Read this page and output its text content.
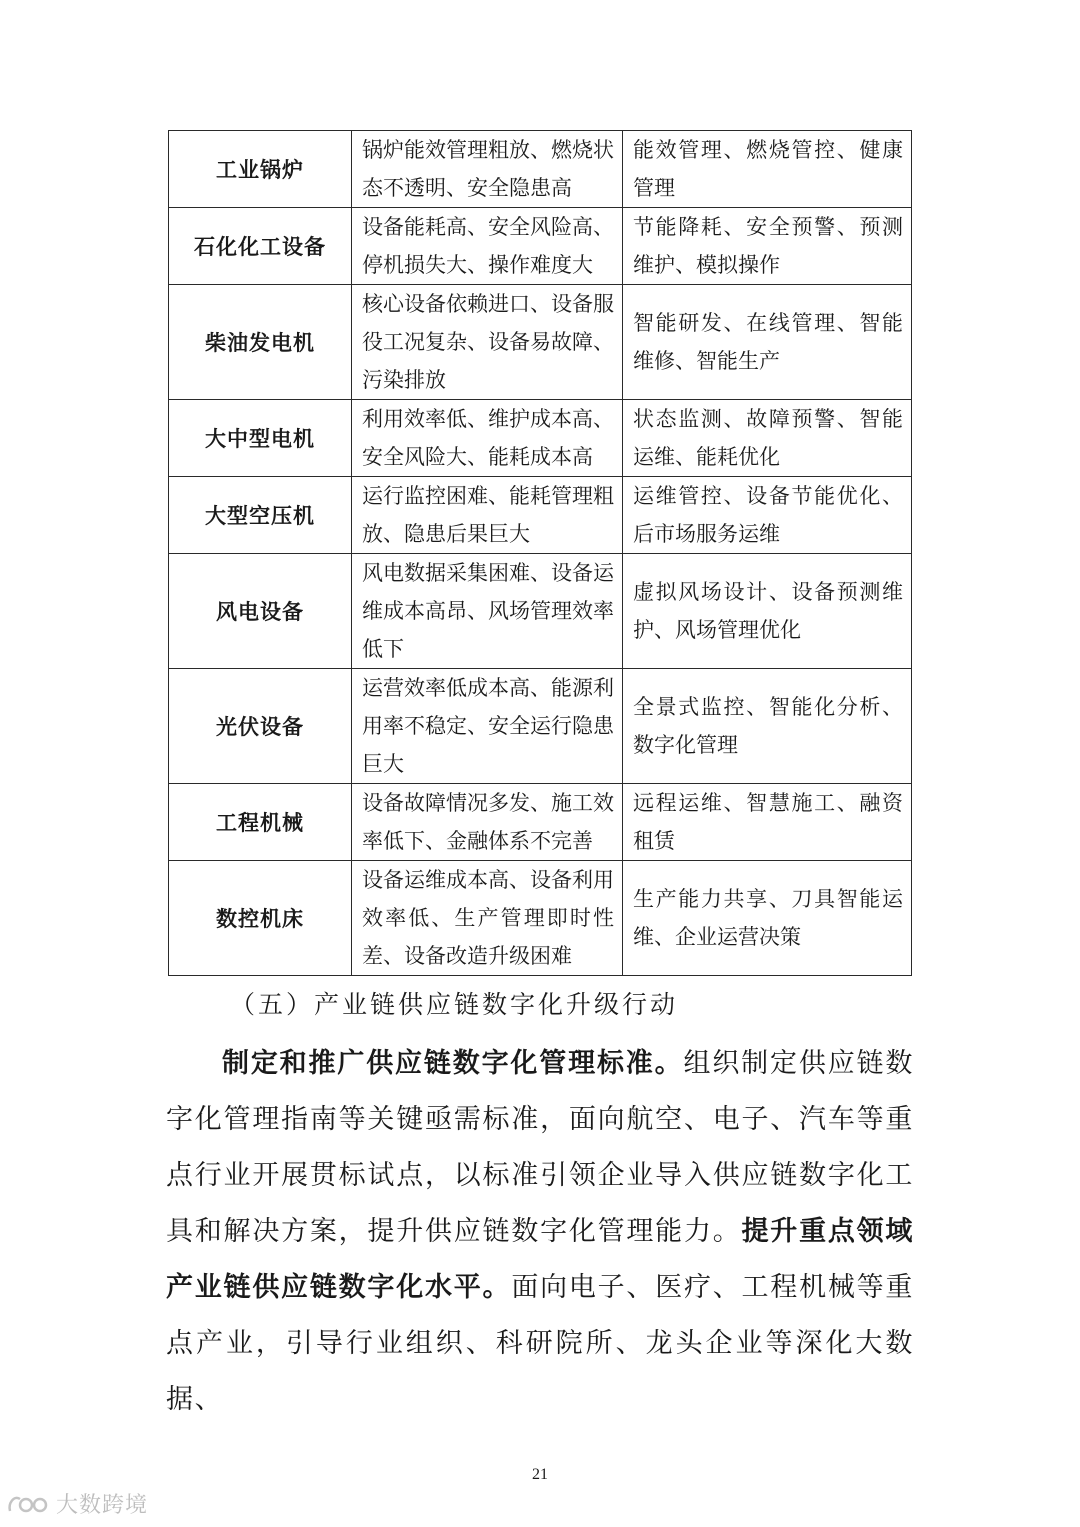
工业锅炉	锅炉能效管理粗放、燃烧状态不透明、安全隐患高	能效管理、燃烧管控、健康管理
石化化工设备	设备能耗高、安全风险高、停机损失大、操作难度大	节能降耗、安全预警、预测维护、模拟操作
柴油发电机	核心设备依赖进口、设备服役工况复杂、设备易故障、污染排放	智能研发、在线管理、智能维修、智能生产
大中型电机	利用效率低、维护成本高、安全风险大、能耗成本高	状态监测、故障预警、智能运维、能耗优化
大型空压机	运行监控困难、能耗管理粗放、隐患后果巨大	运维管控、设备节能优化、后市场服务运维
风电设备	风电数据采集困难、设备运维成本高昂、风场管理效率低下	虚拟风场设计、设备预测维护、风场管理优化
光伏设备	运营效率低成本高、能源利用率不稳定、安全运行隐患巨大	全景式监控、智能化分析、数字化管理
工程机械	设备故障情况多发、施工效率低下、金融体系不完善	远程运维、智慧施工、融资租赁
数控机床	设备运维成本高、设备利用效率低、生产管理即时性差、设备改造升级困难	生产能力共享、刀具智能运维、企业运营决策
（五）产业链供应链数字化升级行动

制定和推广供应链数字化管理标准。组织制定供应链数字化管理指南等关键亟需标准，面向航空、电子、汽车等重点行业开展贯标试点，以标准引领企业导入供应链数字化工具和解决方案，提升供应链数字化管理能力。提升重点领域产业链供应链数字化水平。面向电子、医疗、工程机械等重点产业，引导行业组织、科研院所、龙头企业等深化大数据、

21
大数跨境
